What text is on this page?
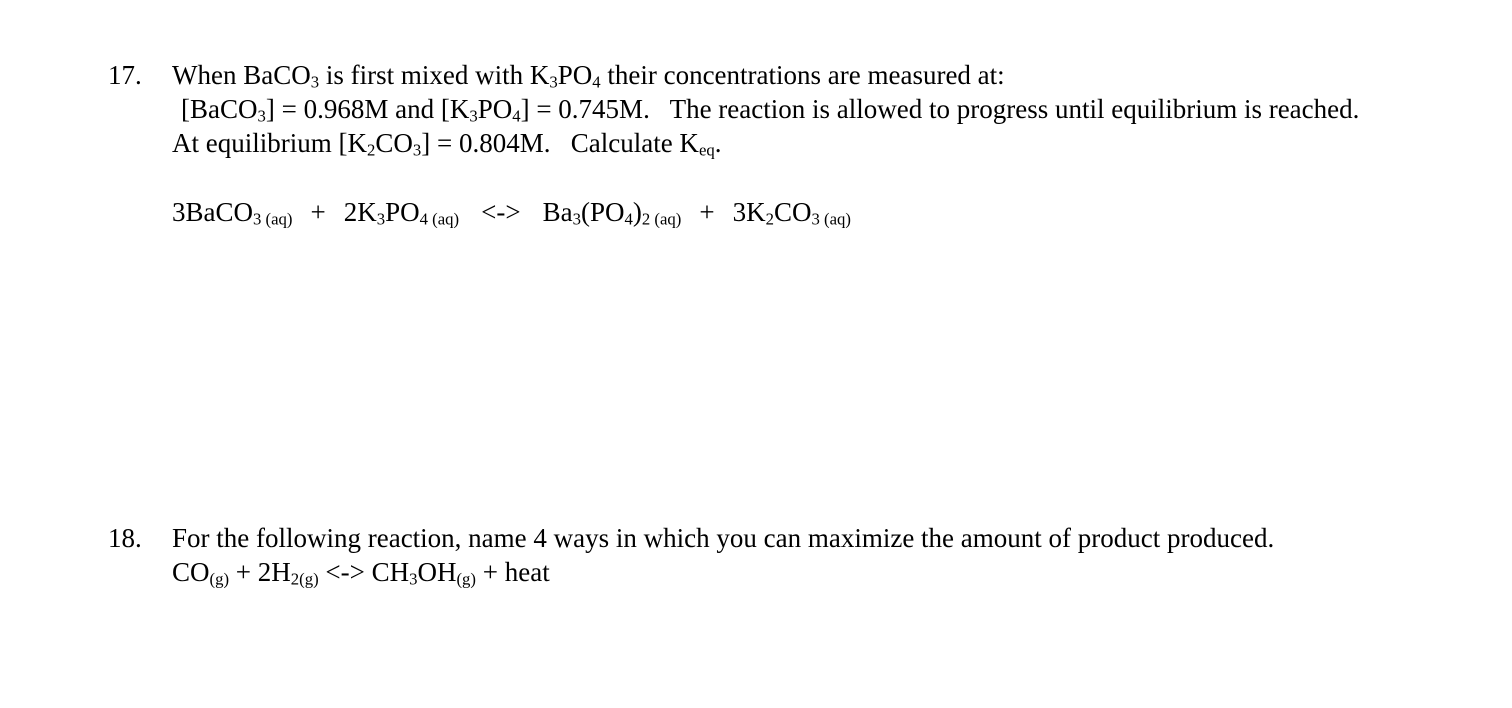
17. When BaCO$_3$ is first mixed with $K_3PO_4$ their concentrations are measured at:
[BaCO$_3$] = 0.968M and $[K_3PO_4] = 0.745M$.   The reaction is allowed to progress until equilibrium is reached.
At equilibrium $[K_2CO_3] = 0.804M$.   Calculate $K_{eq}$.
3BaCO3 $(aq) + 2K_3PO4$ (aq) <-> $Ba_3(PO_4)2$ $(aq) + 3K_2CO3$ (aq)
18. For the following reaction, name 4 ways in which you can maximize the amount of product produced.
$CO_{(g)} + 2H_{2(g)}$ <-> $CH_3OH_{(g)}$ + heat
